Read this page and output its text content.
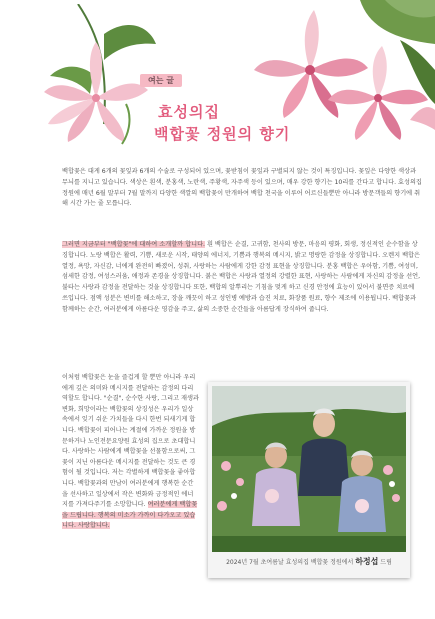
여는 글
효성의집
백합꽃 정원의 향기

백합꽃은 대게 6개의 꽃잎과 6개의 수술로 구성되어 있으며, 꽃받침이 꽃잎과 구별되지 않는 것이 특징입니다. 꽃잎은 다양한 색상과 무늬를 지니고 있습니다. 색상은 흰색, 분홍색, 노란색, 주황색, 자주색 등이 있으며, 매우 강한 향기는 10리를 간다고 합니다. 효성의집 정원에 매년 6월 말부터 7월 말까지 다양한 색깔의 백합꽃이 만개하여 백합 천국을 이루어 어르신들뿐만 아니라 방문객들의 향기에 취해 시간 가는 줄 모릅니다.

그러면 지금부터 "백합꽃"에 대하여 소개할까 합니다. 흰 백합은 순결, 고귀함, 천사의 방문, 마음의 평화, 회생, 정신적인 순수함을 상징합니다. 노랑 백합은 활력, 기쁨, 새로운 시작, 태양의 에너지, 기쁨과 행복의 메시지, 밝고 명랑한 감정을 상징합니다. 오렌지 백합은 열정, 욕망, 자신감, 너에게 완전히 빠졌어, 성취, 사랑하는 사람에게 강한 감정 표현을 상징합니다. 분홍 백합은 우아함, 기쁨, 여성미, 섬세한 감정, 여성스러움, 애정과 존경을 상징합니다. 붉은 백합은 사랑과 열정의 강렬한 표현, 사랑하는 사람에게 자신의 감정을 선언, 불타는 사랑과 감정을 전달하는 것을 상징합니다 또한, 백합의 알뿌리는 기침을 멎게 하고 신경 안정에 효능이 있어서 불면증 치료에 쓰입니다. 점액 성분은 변비를 해소하고, 장을 깨끗이 하고 성인병 예방과 습진 치료, 화장품 원료, 향수 제조에 이용됩니다. 백합꽃과 함께하는 순간, 여러분에게 아름다운 영감을 주고, 삶의 소중한 순간들을 아름답게 장식하여 줍니다.

이처럼 백합꽃은 눈을 즐겁게 할 뿐만 아니라 우리에게 깊은 의미와 메시지를 전달하는 감정의 다리 역할도 합니다. "순결", 순수한 사랑, 그리고 재생과 변화, 희망이라는 백합꽃의 상징성은 우리가 일상 속에서 잊기 쉬운 가치들을 다시 한번 되새기게 합니다. 백합꽃이 피어나는 계절에 가까운 정원을 방문하거나 노인전문요양원 효성의 집으로 초대합니다. 사랑하는 사람에게 백합꽃을 선물함으로써, 그 꽃이 지닌 아름다운 메시지를 전달하는 것도 큰 경험이 될 것입니다. 저는 각별하게 백합꽃을 좋아합니다. 백합꽃과의 만남이 여러분에게 행복한 순간을 선사하고 일상에서 작은 변화와 긍정적인 에너지를 가져다주기를 소망합니다. 여러분에게 백합꽃을 드립니다. 행복의 미소가 가까이 다가오고 있습니다. 사랑합니다.

2024년 7월 초여름날 효성의집 백합꽃 정원에서 하정섭 드림
